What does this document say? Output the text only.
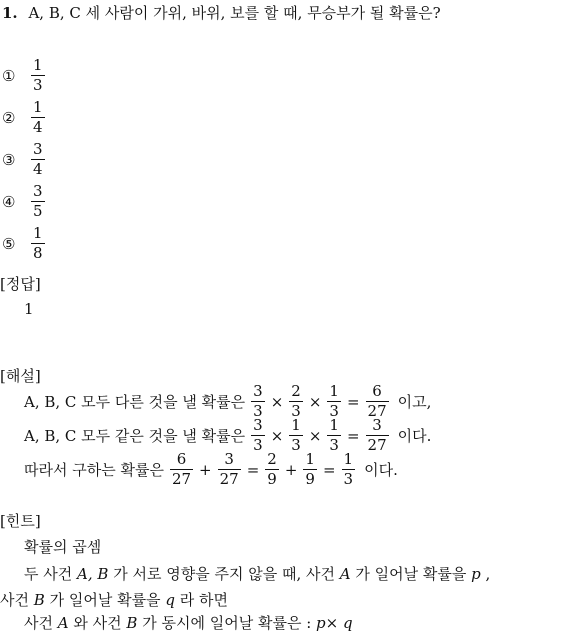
1. A, B, C 세 사람이 가위, 바위, 보를 할 때, 무승부가 될 확률은?
①	$\frac{1}{3}$
②	$\frac{1}{4}$
③	$\frac{3}{4}$
④	$\frac{3}{5}$
⑤	$\frac{1}{8}$
[정답]
1
[해설]
A, B, C 모두 다른 것을 낼 확률은 $\frac{3}{3} \times \frac{2}{3} \times \frac{1}{3} = \frac{6}{27}$ 이고,
A, B, C 모두 같은 것을 낼 확률은 $\frac{3}{3} \times \frac{1}{3} \times \frac{1}{3} = \frac{3}{27}$ 이다.
따라서 구하는 확률은 $\frac{6}{27} + \frac{3}{27} = \frac{2}{9} + \frac{1}{9} = \frac{1}{3}$ 이다.
[힌트]
확률의 곱셈
두 사건 A, B 가 서로 영향을 주지 않을 때, 사건 A 가 일어날 확률을 p ,
사건 B 가 일어날 확률을 q 라 하면
사건 A 와 사건 B 가 동시에 일어날 확률은 : p× q
